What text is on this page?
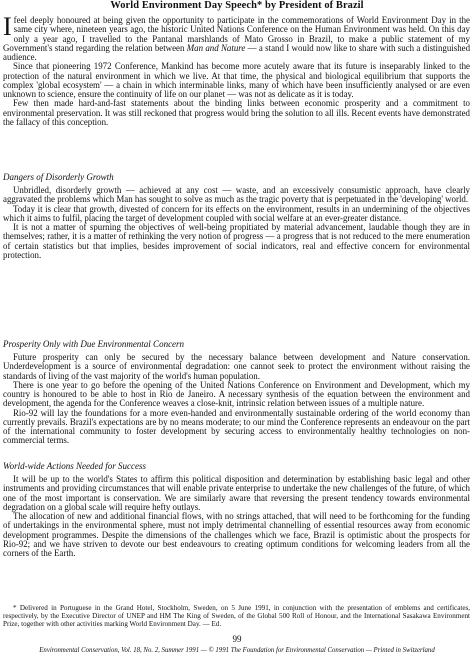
World Environment Day Speech* by President of Brazil

Ifeel deeply honoured at being given the opportunity to participate in the commemorations of World Environment Day in the same city where, nineteen years ago, the historic United Nations Conference on the Human Environment was held. On this day only a year ago, I travelled to the Pantanal marshlands of Mato Grosso in Brazil, to make a public statement of my Government's stand regarding the relation between Man and Nature — a stand I would now like to share with such a distinguished audience.

Since that pioneering 1972 Conference, Mankind has become more acutely aware that its future is inseparably linked to the protection of the natural environment in which we live. At that time, the physical and biological equilibrium that supports the complex 'global ecosystem' — a chain in which interminable links, many of which have been insufficiently analysed or are even unknown to science, ensure the continuity of life on our planet — was not as delicate as it is today.

Few then made hard-and-fast statements about the binding links between economic prosperity and a commitment to environmental preservation. It was still reckoned that progress would bring the solution to all ills. Recent events have demonstrated the fallacy of this conception.

Dangers of Disorderly Growth

Unbridled, disorderly growth — achieved at any cost — waste, and an excessively consumistic approach, have clearly aggravated the problems which Man has sought to solve as much as the tragic poverty that is perpetuated in the 'developing' world.

Today it is clear that growth, divested of concern for its effects on the environment, results in an undermining of the objectives which it aims to fulfil, placing the target of development coupled with social welfare at an ever-greater distance.

It is not a matter of spurning the objectives of well-being propitiated by material advancement, laudable though they are in themselves; rather, it is a matter of rethinking the very notion of progress — a progress that is not reduced to the mere enumeration of certain statistics but that implies, besides improvement of social indicators, real and effective concern for environmental protection.

Prosperity Only with Due Environmental Concern

Future prosperity can only be secured by the necessary balance between development and Nature conservation. Underdevelopment is a source of environmental degradation: one cannot seek to protect the environment without raising the standards of living of the vast majority of the world's human population.

There is one year to go before the opening of the United Nations Conference on Environment and Development, which my country is honoured to be able to host in Rio de Janeiro. A necessary synthesis of the equation between the environment and development, the agenda for the Conference weaves a close-knit, intrinsic relation between issues of a multiple nature.

Rio-92 will lay the foundations for a more even-handed and environmentally sustainable ordering of the world economy than currently prevails. Brazil's expectations are by no means moderate; to our mind the Conference represents an endeavour on the part of the international community to foster development by securing access to environmentally healthy technologies on non-commercial terms.

World-wide Actions Needed for Success

It will be up to the world's States to affirm this political disposition and determination by establishing basic legal and other instruments and providing circumstances that will enable private enterprise to undertake the new challenges of the future, of which one of the most important is conservation. We are similarly aware that reversing the present tendency towards environmental degradation on a global scale will require hefty outlays.

The allocation of new and additional financial flows, with no strings attached, that will need to be forthcoming for the funding of undertakings in the environmental sphere, must not imply detrimental channelling of essential resources away from economic development programmes. Despite the dimensions of the challenges which we face, Brazil is optimistic about the prospects for Rio-92; and we have striven to devote our best endeavours to creating optimum conditions for welcoming leaders from all the corners of the Earth.

* Delivered in Portuguese in the Grand Hotel, Stockholm, Sweden, on 5 June 1991, in conjunction with the presentation of emblems and certificates, respectively, by the Executive Director of UNEP and HM The King of Sweden, of the Global 500 Roll of Honour, and the International Sasakawa Environment Prize, together with other activities marking World Environment Day. — Ed.

99
Environmental Conservation, Vol. 18, No. 2, Summer 1991 — © 1991 The Foundation for Environmental Conservation — Printed in Switzerland
